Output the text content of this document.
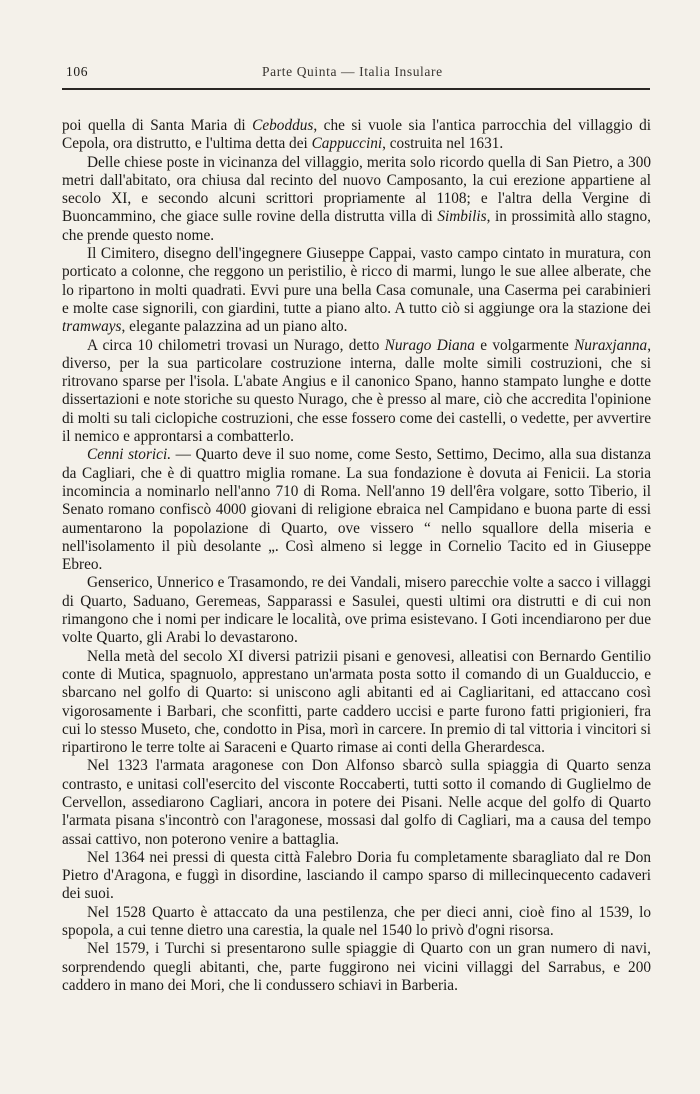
106	Parte Quinta — Italia Insulare

poi quella di Santa Maria di Ceboddus, che si vuole sia l'antica parrocchia del villaggio di Cepola, ora distrutto, e l'ultima detta dei Cappuccini, costruita nel 1631.

Delle chiese poste in vicinanza del villaggio, merita solo ricordo quella di San Pietro, a 300 metri dall'abitato, ora chiusa dal recinto del nuovo Camposanto, la cui erezione appartiene al secolo XI, e secondo alcuni scrittori propriamente al 1108; e l'altra della Vergine di Buoncammino, che giace sulle rovine della distrutta villa di Simbilis, in prossimità allo stagno, che prende questo nome.

Il Cimitero, disegno dell'ingegnere Giuseppe Cappai, vasto campo cintato in muratura, con porticato a colonne, che reggono un peristilio, è ricco di marmi, lungo le sue allee alberate, che lo ripartono in molti quadrati. Evvi pure una bella Casa comunale, una Caserma pei carabinieri e molte case signorili, con giardini, tutte a piano alto. A tutto ciò si aggiunge ora la stazione dei tramways, elegante palazzina ad un piano alto.

A circa 10 chilometri trovasi un Nurago, detto Nurago Diana e volgarmente Nuraxjanna, diverso, per la sua particolare costruzione interna, dalle molte simili costruzioni, che si ritrovano sparse per l'isola. L'abate Angius e il canonico Spano, hanno stampato lunghe e dotte dissertazioni e note storiche su questo Nurago, che è presso al mare, ciò che accredita l'opinione di molti su tali ciclopiche costruzioni, che esse fossero come dei castelli, o vedette, per avvertire il nemico e approntarsi a combatterlo.

Cenni storici. — Quarto deve il suo nome, come Sesto, Settimo, Decimo, alla sua distanza da Cagliari, che è di quattro miglia romane. La sua fondazione è dovuta ai Fenicii. La storia incomincia a nominarlo nell'anno 710 di Roma. Nell'anno 19 dell'êra volgare, sotto Tiberio, il Senato romano confiscò 4000 giovani di religione ebraica nel Campidano e buona parte di essi aumentarono la popolazione di Quarto, ove vissero “ nello squallore della miseria e nell'isolamento il più desolante „. Così almeno si legge in Cornelio Tacito ed in Giuseppe Ebreo.

Genserico, Unnerico e Trasamondo, re dei Vandali, misero parecchie volte a sacco i villaggi di Quarto, Saduano, Geremeas, Sapparassi e Sasulei, questi ultimi ora distrutti e di cui non rimangono che i nomi per indicare le località, ove prima esistevano. I Goti incendiarono per due volte Quarto, gli Arabi lo devastarono.

Nella metà del secolo XI diversi patrizii pisani e genovesi, alleatisi con Bernardo Gentilio conte di Mutica, spagnuolo, apprestano un'armata posta sotto il comando di un Gualduccio, e sbarcano nel golfo di Quarto: si uniscono agli abitanti ed ai Cagliaritani, ed attaccano così vigorosamente i Barbari, che sconfitti, parte caddero uccisi e parte furono fatti prigionieri, fra cui lo stesso Museto, che, condotto in Pisa, morì in carcere. In premio di tal vittoria i vincitori si ripartirono le terre tolte ai Saraceni e Quarto rimase ai conti della Gherardesca.

Nel 1323 l'armata aragonese con Don Alfonso sbarcò sulla spiaggia di Quarto senza contrasto, e unitasi coll'esercito del visconte Roccaberti, tutti sotto il comando di Guglielmo de Cervellon, assediarono Cagliari, ancora in potere dei Pisani. Nelle acque del golfo di Quarto l'armata pisana s'incontrò con l'aragonese, mossasi dal golfo di Cagliari, ma a causa del tempo assai cattivo, non poterono venire a battaglia.

Nel 1364 nei pressi di questa città Falebro Doria fu completamente sbaragliato dal re Don Pietro d'Aragona, e fuggì in disordine, lasciando il campo sparso di millecinquecento cadaveri dei suoi.

Nel 1528 Quarto è attaccato da una pestilenza, che per dieci anni, cioè fino al 1539, lo spopola, a cui tenne dietro una carestia, la quale nel 1540 lo privò d'ogni risorsa.

Nel 1579, i Turchi si presentarono sulle spiaggie di Quarto con un gran numero di navi, sorprendendo quegli abitanti, che, parte fuggirono nei vicini villaggi del Sarrabus, e 200 caddero in mano dei Mori, che li condussero schiavi in Barberia.
